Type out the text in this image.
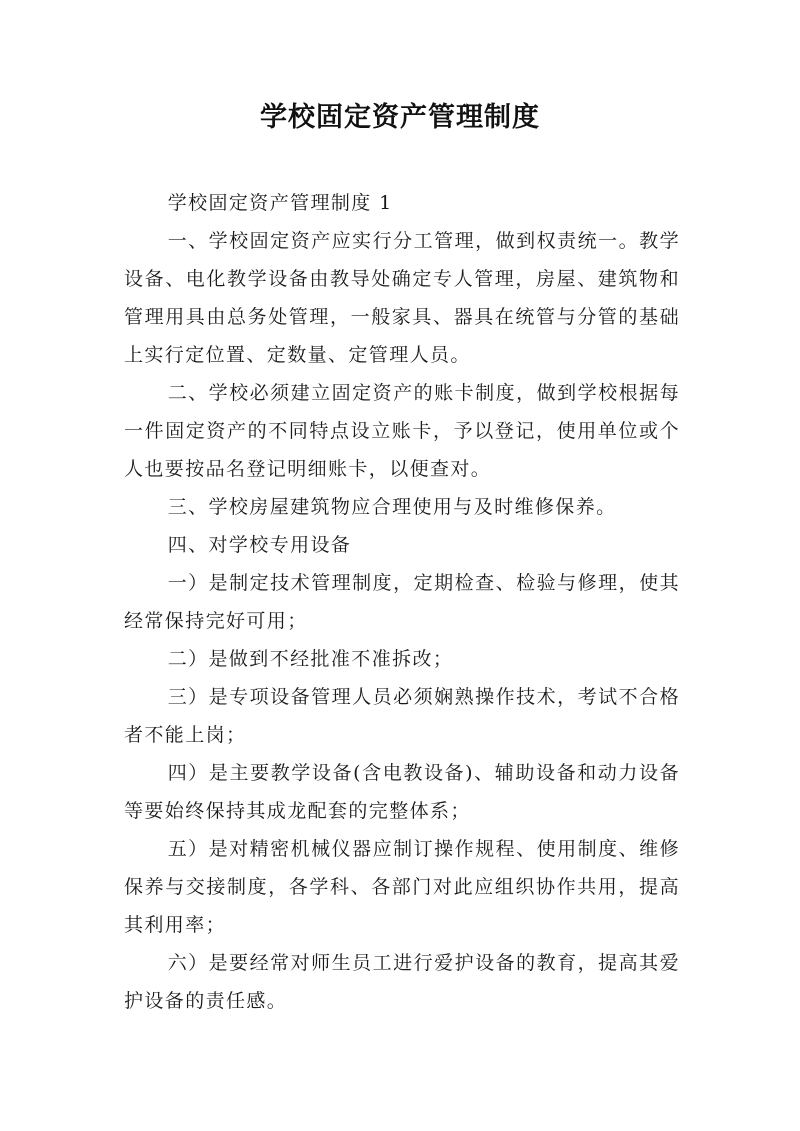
学校固定资产管理制度

学校固定资产管理制度 1

一、学校固定资产应实行分工管理，做到权责统一。教学设备、电化教学设备由教导处确定专人管理，房屋、建筑物和管理用具由总务处管理，一般家具、器具在统管与分管的基础上实行定位置、定数量、定管理人员。

二、学校必须建立固定资产的账卡制度，做到学校根据每一件固定资产的不同特点设立账卡，予以登记，使用单位或个人也要按品名登记明细账卡，以便查对。

三、学校房屋建筑物应合理使用与及时维修保养。

四、对学校专用设备

一）是制定技术管理制度，定期检查、检验与修理，使其经常保持完好可用；

二）是做到不经批准不准拆改；

三）是专项设备管理人员必须娴熟操作技术，考试不合格者不能上岗；

四）是主要教学设备(含电教设备)、辅助设备和动力设备等要始终保持其成龙配套的完整体系；

五）是对精密机械仪器应制订操作规程、使用制度、维修保养与交接制度，各学科、各部门对此应组织协作共用，提高其利用率；

六）是要经常对师生员工进行爱护设备的教育，提高其爱护设备的责任感。
